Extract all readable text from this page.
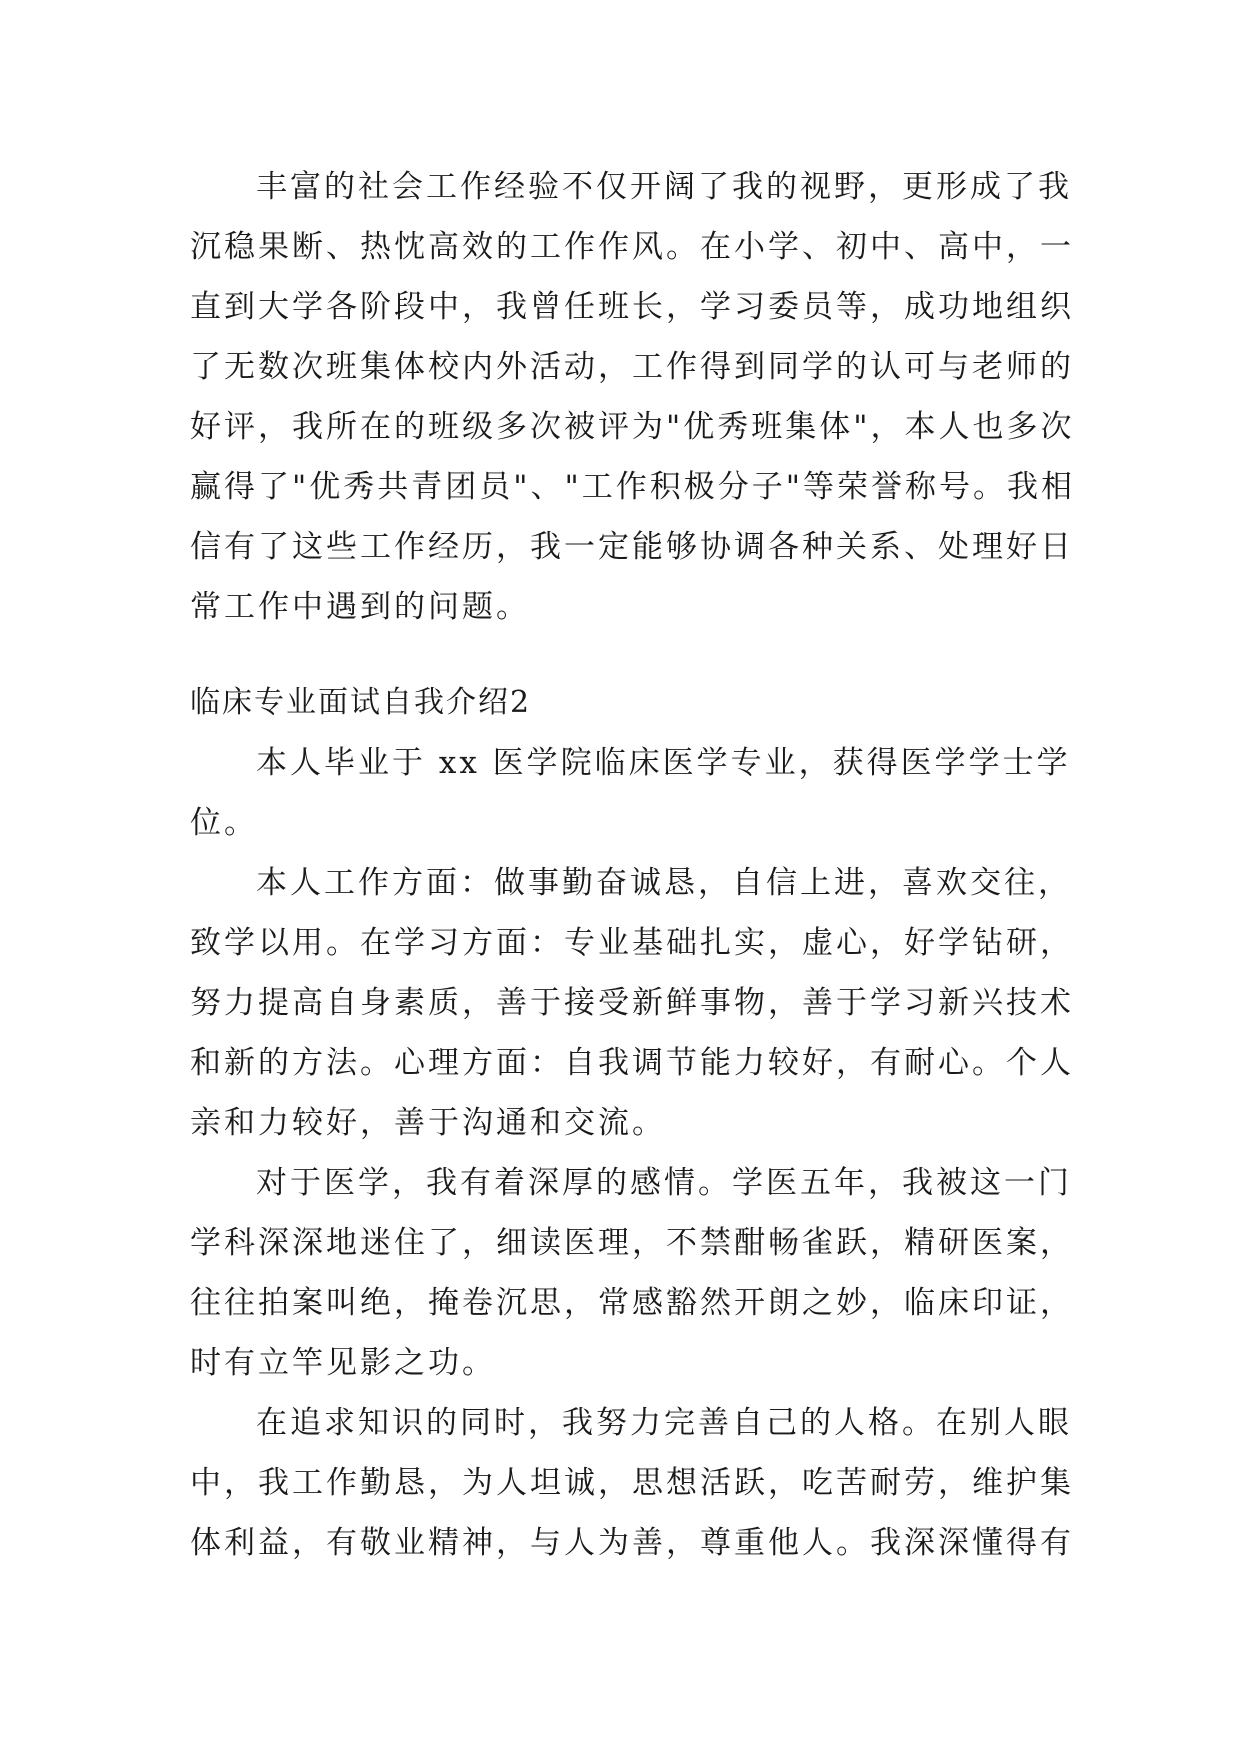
丰富的社会工作经验不仅开阔了我的视野，更形成了我
沉稳果断、热忱高效的工作作风。在小学、初中、高中，一
直到大学各阶段中，我曾任班长，学习委员等，成功地组织
了无数次班集体校内外活动，工作得到同学的认可与老师的
好评，我所在的班级多次被评为"优秀班集体"，本人也多次
赢得了"优秀共青团员"、"工作积极分子"等荣誉称号。我相
信有了这些工作经历，我一定能够协调各种关系、处理好日
常工作中遇到的问题。
临床专业面试自我介绍2
本人毕业于 xx 医学院临床医学专业，获得医学学士学
位。
本人工作方面：做事勤奋诚恳，自信上进，喜欢交往，
致学以用。在学习方面：专业基础扎实，虚心，好学钻研，
努力提高自身素质，善于接受新鲜事物，善于学习新兴技术
和新的方法。心理方面：自我调节能力较好，有耐心。个人
亲和力较好，善于沟通和交流。
对于医学，我有着深厚的感情。学医五年，我被这一门
学科深深地迷住了，细读医理，不禁酣畅雀跃，精研医案，
往往拍案叫绝，掩卷沉思，常感豁然开朗之妙，临床印证，
时有立竿见影之功。
在追求知识的同时，我努力完善自己的人格。在别人眼
中，我工作勤恳，为人坦诚，思想活跃，吃苦耐劳，维护集
体利益，有敬业精神，与人为善，尊重他人。我深深懂得有
